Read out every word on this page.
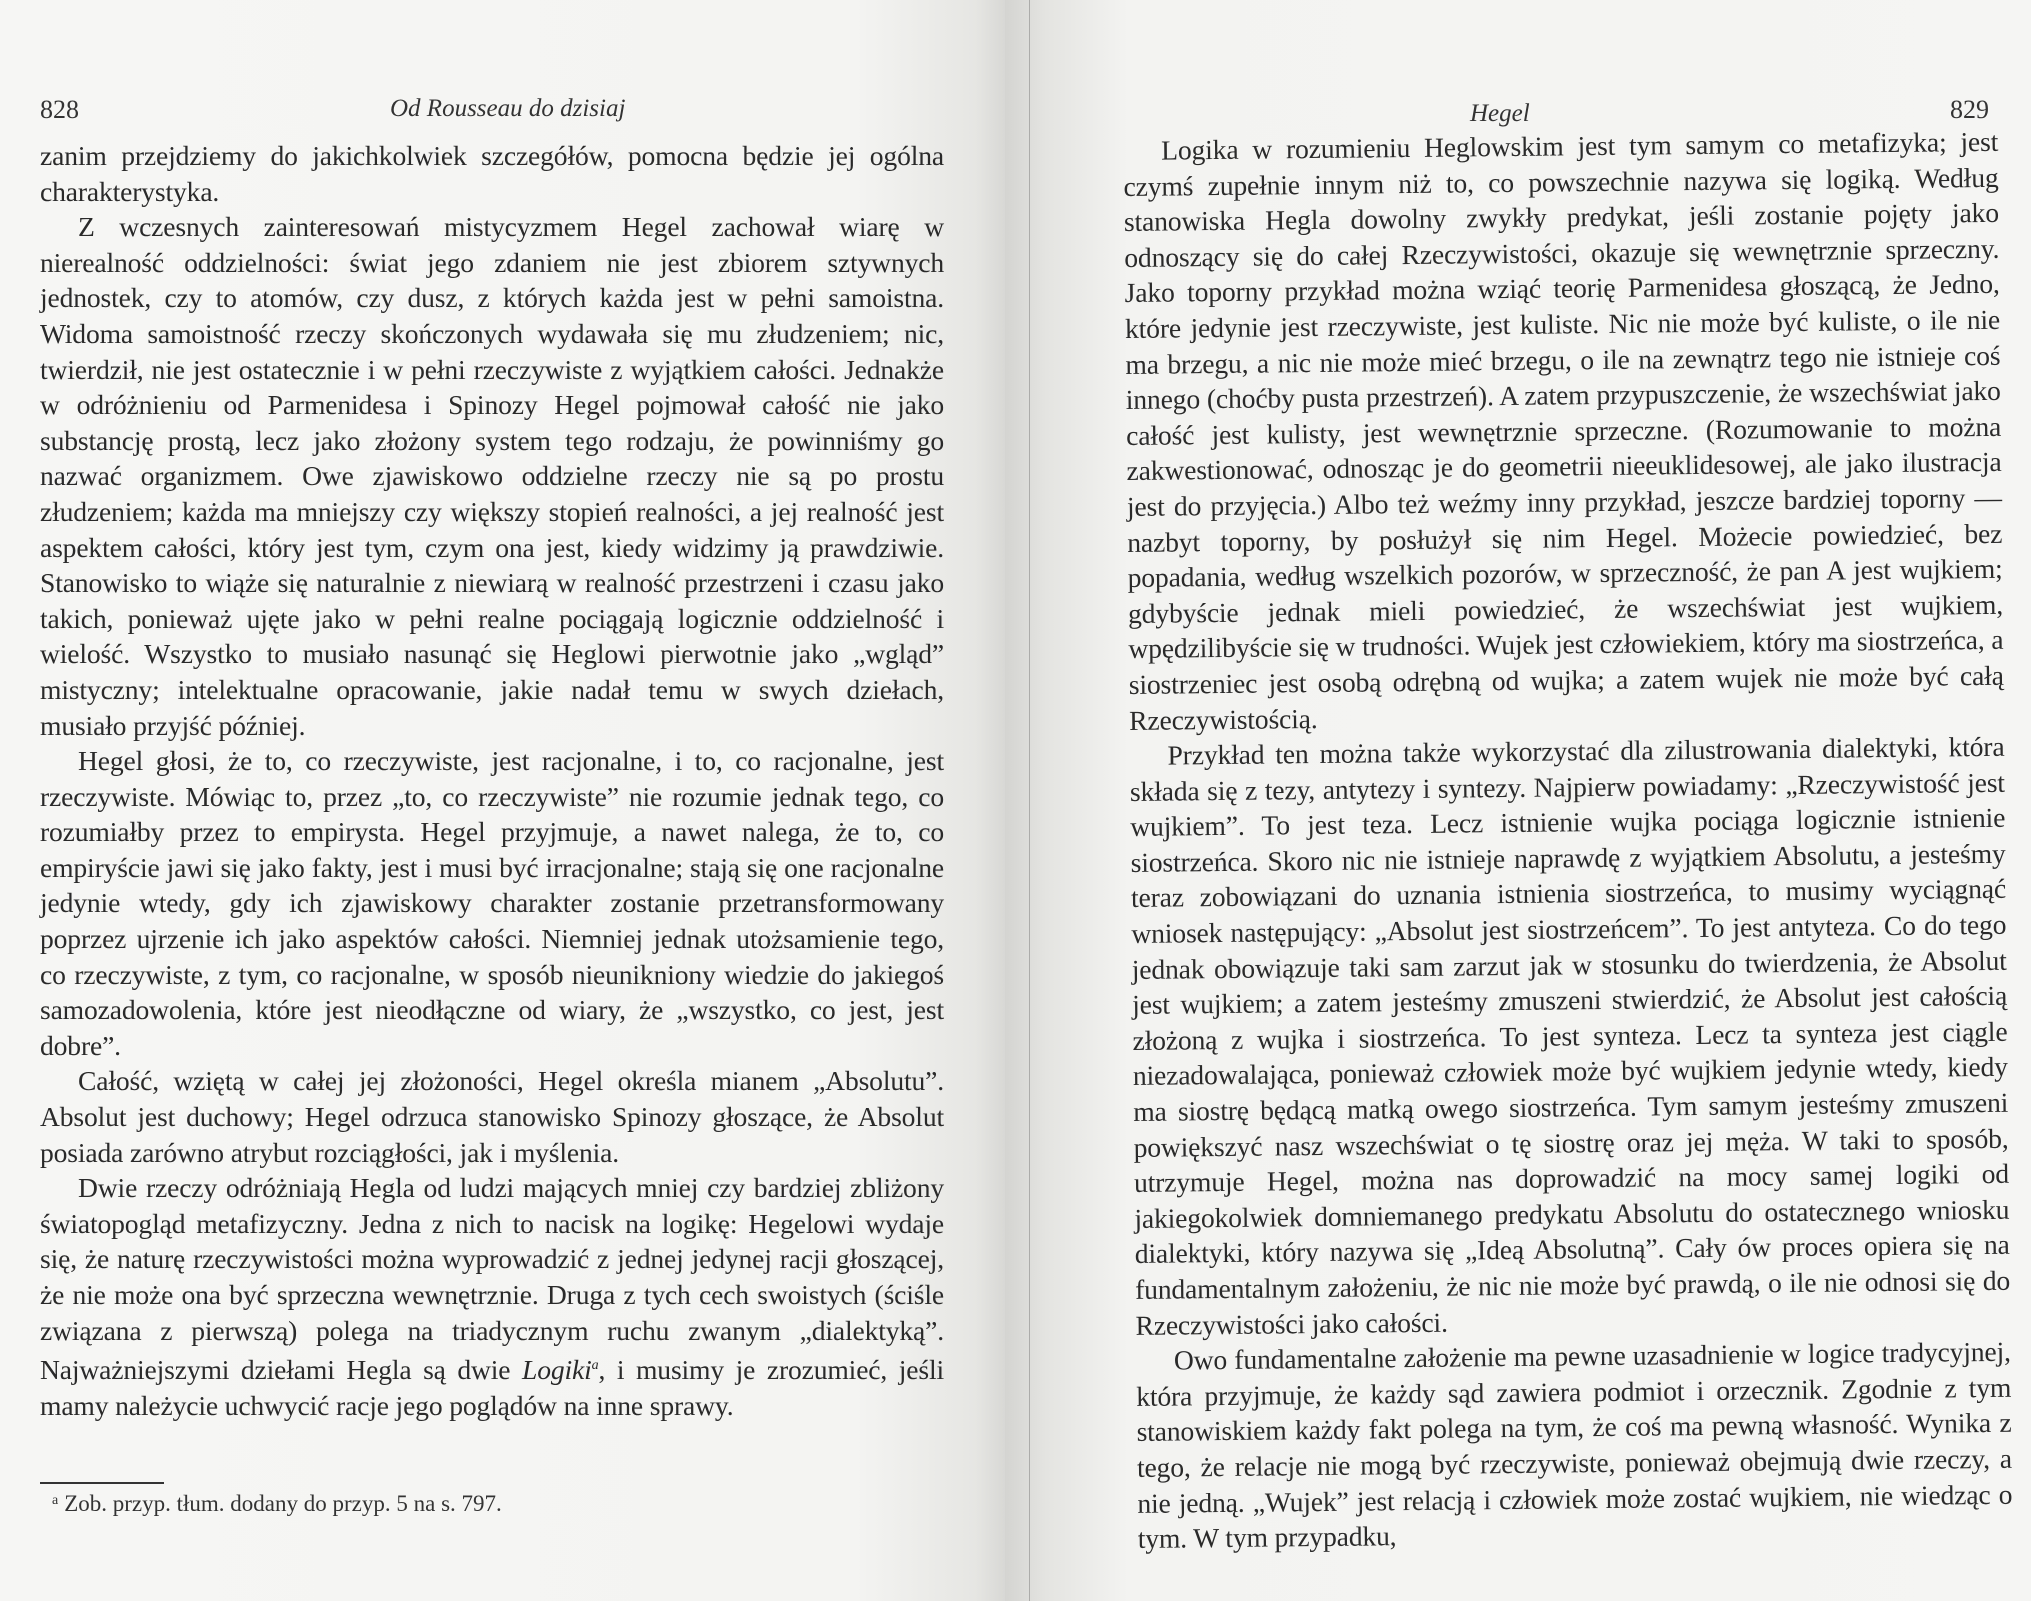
828	Od Rousseau do dzisiaj

zanim przejdziemy do jakichkolwiek szczegółów, pomocna będzie jej ogólna charakterystyka.

Z wczesnych zainteresowań mistycyzmem Hegel zachował wiarę w nierealność oddzielności: świat jego zdaniem nie jest zbiorem sztywnych jednostek, czy to atomów, czy dusz, z których każda jest w pełni samoistna. Widoma samoistność rzeczy skończonych wydawała się mu złudzeniem; nic, twierdził, nie jest ostatecznie i w pełni rzeczywiste z wyjątkiem całości. Jednakże w odróżnieniu od Parmenidesa i Spinozy Hegel pojmował całość nie jako substancję prostą, lecz jako złożony system tego rodzaju, że powinniśmy go nazwać organizmem. Owe zjawiskowo oddzielne rzeczy nie są po prostu złudzeniem; każda ma mniejszy czy większy stopień realności, a jej realność jest aspektem całości, który jest tym, czym ona jest, kiedy widzimy ją prawdziwie. Stanowisko to wiąże się naturalnie z niewiarą w realność przestrzeni i czasu jako takich, ponieważ ujęte jako w pełni realne pociągają logicznie oddzielność i wielość. Wszystko to musiało nasunąć się Heglowi pierwotnie jako „wgląd” mistyczny; intelektualne opracowanie, jakie nadał temu w swych dziełach, musiało przyjść później.

Hegel głosi, że to, co rzeczywiste, jest racjonalne, i to, co racjonalne, jest rzeczywiste. Mówiąc to, przez „to, co rzeczywiste” nie rozumie jednak tego, co rozumiałby przez to empirysta. Hegel przyjmuje, a nawet nalega, że to, co empiryście jawi się jako fakty, jest i musi być irracjonalne; stają się one racjonalne jedynie wtedy, gdy ich zjawiskowy charakter zostanie przetransformowany poprzez ujrzenie ich jako aspektów całości. Niemniej jednak utożsamienie tego, co rzeczywiste, z tym, co racjonalne, w sposób nieunikniony wiedzie do jakiegoś samozadowolenia, które jest nieodłączne od wiary, że „wszystko, co jest, jest dobre”.

Całość, wziętą w całej jej złożoności, Hegel określa mianem „Absolutu”. Absolut jest duchowy; Hegel odrzuca stanowisko Spinozy głoszące, że Absolut posiada zarówno atrybut rozciągłości, jak i myślenia.

Dwie rzeczy odróżniają Hegla od ludzi mających mniej czy bardziej zbliżony światopogląd metafizyczny. Jedna z nich to nacisk na logikę: Hegelowi wydaje się, że naturę rzeczywistości można wyprowadzić z jednej jedynej racji głoszącej, że nie może ona być sprzeczna wewnętrznie. Druga z tych cech swoistych (ściśle związana z pierwszą) polega na triadycznym ruchu zwanym „dialektyką”. Najważniejszymi dziełami Hegla są dwie Logiki$^a$, i musimy je zrozumieć, jeśli mamy należycie uchwycić racje jego poglądów na inne sprawy.

$^a$ Zob. przyp. tłum. dodany do przyp. 5 na s. 797.
Hegel	829

Logika w rozumieniu Heglowskim jest tym samym co metafizyka; jest czymś zupełnie innym niż to, co powszechnie nazywa się logiką. Według stanowiska Hegla dowolny zwykły predykat, jeśli zostanie pojęty jako odnoszący się do całej Rzeczywistości, okazuje się wewnętrznie sprzeczny. Jako toporny przykład można wziąć teorię Parmenidesa głoszącą, że Jedno, które jedynie jest rzeczywiste, jest kuliste. Nic nie może być kuliste, o ile nie ma brzegu, a nic nie może mieć brzegu, o ile na zewnątrz tego nie istnieje coś innego (choćby pusta przestrzeń). A zatem przypuszczenie, że wszechświat jako całość jest kulisty, jest wewnętrznie sprzeczne. (Rozumowanie to można zakwestionować, odnosząc je do geometrii nieeuklidesowej, ale jako ilustracja jest do przyjęcia.) Albo też weźmy inny przykład, jeszcze bardziej toporny — nazbyt toporny, by posłużył się nim Hegel. Możecie powiedzieć, bez popadania, według wszelkich pozorów, w sprzeczność, że pan A jest wujkiem; gdybyście jednak mieli powiedzieć, że wszechświat jest wujkiem, wpędzilibyście się w trudności. Wujek jest człowiekiem, który ma siostrzeńca, a siostrzeniec jest osobą odrębną od wujka; a zatem wujek nie może być całą Rzeczywistością.

Przykład ten można także wykorzystać dla zilustrowania dialektyki, która składa się z tezy, antytezy i syntezy. Najpierw powiadamy: „Rzeczywistość jest wujkiem”. To jest teza. Lecz istnienie wujka pociąga logicznie istnienie siostrzeńca. Skoro nic nie istnieje naprawdę z wyjątkiem Absolutu, a jesteśmy teraz zobowiązani do uznania istnienia siostrzeńca, to musimy wyciągnąć wniosek następujący: „Absolut jest siostrzeńcem”. To jest antyteza. Co do tego jednak obowiązuje taki sam zarzut jak w stosunku do twierdzenia, że Absolut jest wujkiem; a zatem jesteśmy zmuszeni stwierdzić, że Absolut jest całością złożoną z wujka i siostrzeńca. To jest synteza. Lecz ta synteza jest ciągle niezadowalająca, ponieważ człowiek może być wujkiem jedynie wtedy, kiedy ma siostrę będącą matką owego siostrzeńca. Tym samym jesteśmy zmuszeni powiększyć nasz wszechświat o tę siostrę oraz jej męża. W taki to sposób, utrzymuje Hegel, można nas doprowadzić na mocy samej logiki od jakiegokolwiek domniemanego predykatu Absolutu do ostatecznego wniosku dialektyki, który nazywa się „Ideą Absolutną”. Cały ów proces opiera się na fundamentalnym założeniu, że nic nie może być prawdą, o ile nie odnosi się do Rzeczywistości jako całości.

Owo fundamentalne założenie ma pewne uzasadnienie w logice tradycyjnej, która przyjmuje, że każdy sąd zawiera podmiot i orzecznik. Zgodnie z tym stanowiskiem każdy fakt polega na tym, że coś ma pewną własność. Wynika z tego, że relacje nie mogą być rzeczywiste, ponieważ obejmują dwie rzeczy, a nie jedną. „Wujek” jest relacją i człowiek może zostać wujkiem, nie wiedząc o tym. W tym przypadku,
